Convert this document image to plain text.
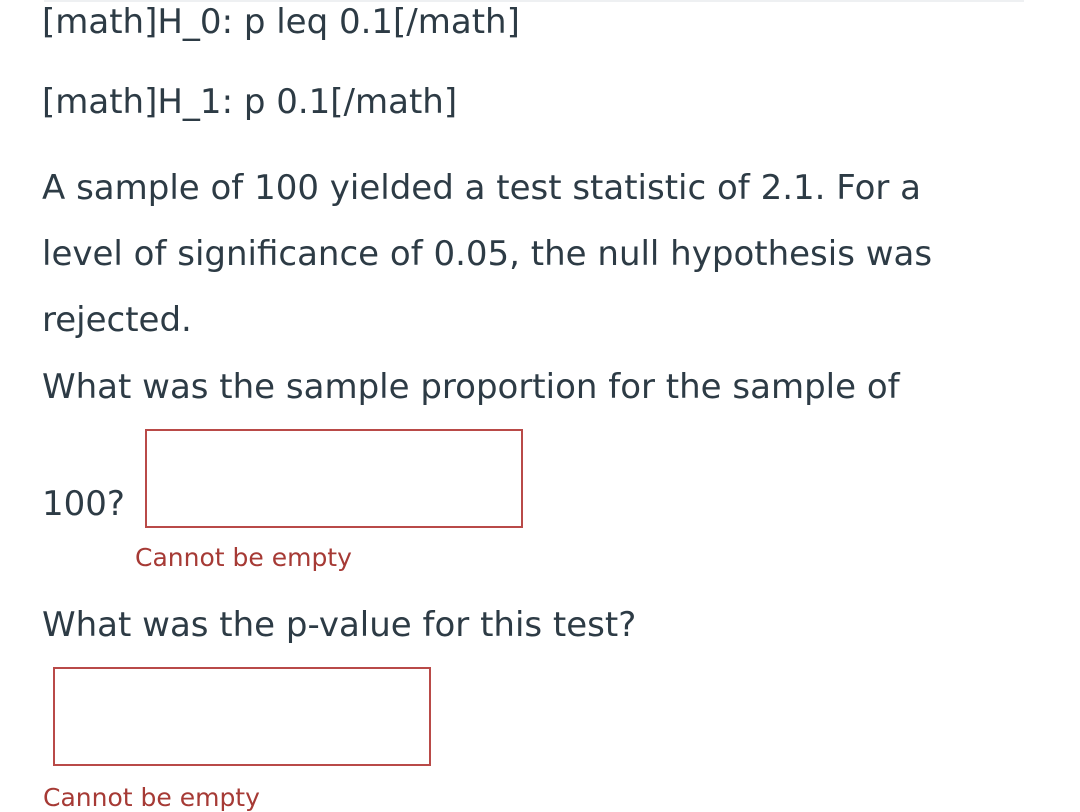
[math]H_0: p leq 0.1[/math]

[math]H_1: p 0.1[/math]

A sample of 100 yielded a test statistic of 2.1. For a level of significance of 0.05, the null hypothesis was rejected.

What was the sample proportion for the sample of

100?

Cannot be empty

What was the p-value for this test?

Cannot be empty
